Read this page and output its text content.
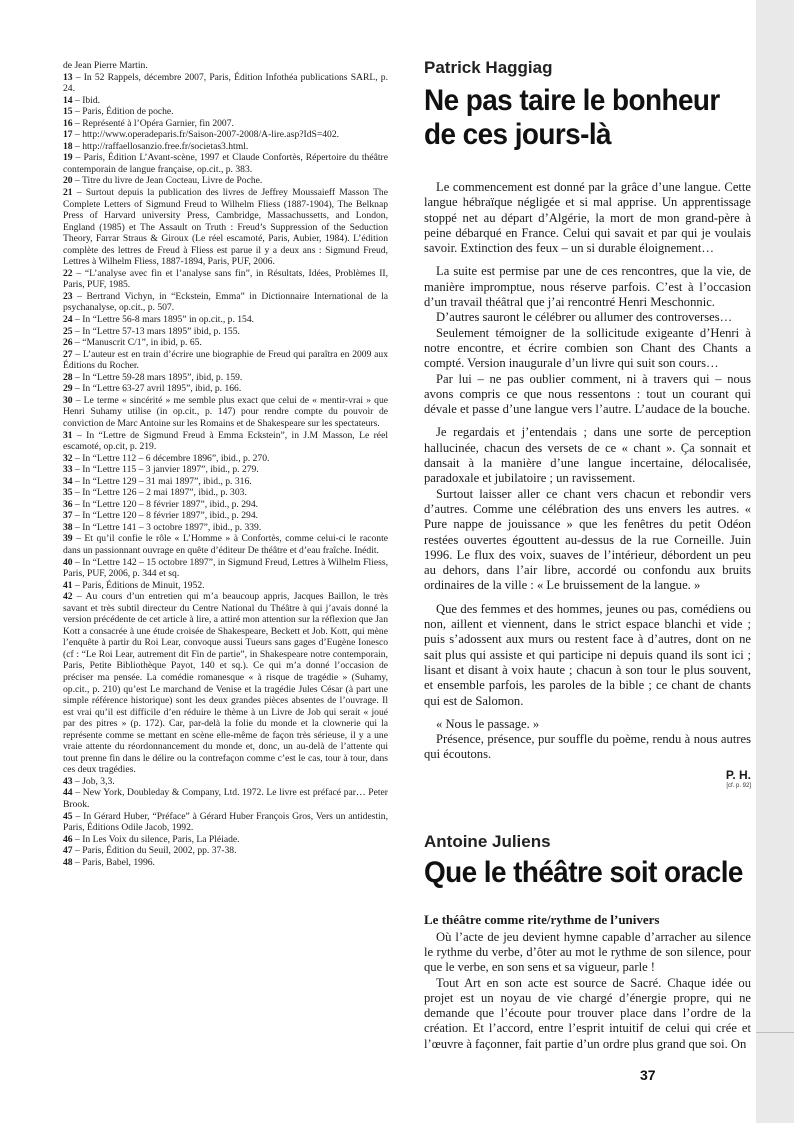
de Jean Pierre Martin.

13 – In 52 Rappels, décembre 2007, Paris, Édition Infothéa publications SARL, p. 24.

14 – Ibid.

15 – Paris, Édition de poche.

16 – Représenté à l’Opéra Garnier, fin 2007.

17 – http://www.operadeparis.fr/Saison-2007-2008/A-lire.asp?IdS=402.

18 – http://raffaellosanzio.free.fr/societas3.html.

19 – Paris, Édition L’Avant-scène, 1997 et Claude Confortès, Répertoire du théâtre contemporain de langue française, op.cit., p. 383.

20 – Titre du livre de Jean Cocteau, Livre de Poche.

21 – Surtout depuis la publication des livres de Jeffrey Moussaieff Masson The Complete Letters of Sigmund Freud to Wilhelm Fliess (1887-1904), The Belknap Press of Harvard university Press, Cambridge, Massachussetts, and London, England (1985) et The Assault on Truth : Freud’s Suppression of the Seduction Theory, Farrar Straus & Giroux (Le réel escamoté, Paris, Aubier, 1984). L’édition complète des lettres de Freud à Fliess est parue il y a deux ans : Sigmund Freud, Lettres à Wilhelm Fliess, 1887-1894, Paris, PUF, 2006.

22 – “L’analyse avec fin et l’analyse sans fin”, in Résultats, Idées, Problèmes II, Paris, PUF, 1985.

23 – Bertrand Vichyn, in “Eckstein, Emma” in Dictionnaire International de la psychanalyse, op.cit., p. 507.

24 – In “Lettre 56-8 mars 1895” in op.cit., p. 154.

25 – In “Lettre 57-13 mars 1895” ibid, p. 155.

26 – “Manuscrit C/1”, in ibid, p. 65.

27 – L’auteur est en train d’écrire une biographie de Freud qui paraîtra en 2009 aux Éditions du Rocher.

28 – In “Lettre 59-28 mars 1895”, ibid, p. 159.

29 – In “Lettre 63-27 avril 1895”, ibid, p. 166.

30 – Le terme « sincérité » me semble plus exact que celui de « mentir-vrai » que Henri Suhamy utilise (in op.cit., p. 147) pour rendre compte du pouvoir de conviction de Marc Antoine sur les Romains et de Shakespeare sur les spectateurs.

31 – In “Lettre de Sigmund Freud à Emma Eckstein”, in J.M Masson, Le réel escamoté, op.cit, p. 219.

32 – In “Lettre 112 – 6 décembre 1896”, ibid., p. 270.

33 – In “Lettre 115 – 3 janvier 1897”, ibid., p. 279.

34 – In “Lettre 129 – 31 mai 1897”, ibid., p. 316.

35 – In “Lettre 126 – 2 mai 1897”, ibid., p. 303.

36 – In “Lettre 120 – 8 février 1897”, ibid., p. 294.

37 – In “Lettre 120 – 8 février 1897”, ibid., p. 294.

38 – In “Lettre 141 – 3 octobre 1897”, ibid., p. 339.

39 – Et qu’il confie le rôle « L’Homme » à Confortès, comme celui-ci le raconte dans un passionnant ouvrage en quête d’éditeur De théâtre et d’eau fraîche. Inédit.

40 – In “Lettre 142 – 15 octobre 1897”, in Sigmund Freud, Lettres à Wilhelm Fliess, Paris, PUF, 2006, p. 344 et sq.

41 – Paris, Éditions de Minuit, 1952.

42 – Au cours d’un entretien qui m’a beaucoup appris, Jacques Baillon, le très savant et très subtil directeur du Centre National du Théâtre à qui j’avais donné la version précédente de cet article à lire, a attiré mon attention sur la réflexion que Jan Kott a consacrée à une étude croisée de Shakespeare, Beckett et Job. Kott, qui mène l’enquête à partir du Roi Lear, convoque aussi Tueurs sans gages d’Eugène Ionesco (cf : “Le Roi Lear, autrement dit Fin de partie”, in Shakespeare notre contemporain, Paris, Petite Bibliothèque Payot, 140 et sq.). Ce qui m’a donné l’occasion de préciser ma pensée. La comédie romanesque « à risque de tragédie » (Suhamy, op.cit., p. 210) qu’est Le marchand de Venise et la tragédie Jules César (à part une simple référence historique) sont les deux grandes pièces absentes de l’ouvrage. Il est vrai qu’il est difficile d’en réduire le thème à un Livre de Job qui serait « joué par des pitres » (p. 172). Car, par-delà la folie du monde et la clownerie qui la représente comme se mettant en scène elle-même de façon très sérieuse, il y a une vraie attente du réordonnancement du monde et, donc, un au-delà de l’attente qui tout prenne fin dans le délire ou la contrefaçon comme c’est le cas, tour à tour, dans ces deux tragédies.

43 – Job, 3,3.

44 – New York, Doubleday & Company, Ltd. 1972. Le livre est préfacé par… Peter Brook.

45 – In Gérard Huber, “Préface” à Gérard Huber François Gros, Vers un antidestin, Paris, Éditions Odile Jacob, 1992.

46 – In Les Voix du silence, Paris, La Pléiade.

47 – Paris, Édition du Seuil, 2002, pp. 37-38.

48 – Paris, Babel, 1996.

Patrick Haggiag
Ne pas taire le bonheur de ces jours-là

Le commencement est donné par la grâce d’une langue. Cette langue hébraïque négligée et si mal apprise. Un apprentissage stoppé net au départ d’Algérie, la mort de mon grand-père à peine débarqué en France. Celui qui savait et par qui je voulais savoir. Extinction des feux – un si durable éloignement…

La suite est permise par une de ces rencontres, que la vie, de manière impromptue, nous réserve parfois. C’est à l’occasion d’un travail théâtral que j’ai rencontré Henri Meschonnic.

D’autres sauront le célébrer ou allumer des controverses…

Seulement témoigner de la sollicitude exigeante d’Henri à notre encontre, et écrire combien son Chant des Chants a compté. Version inaugurale d’un livre qui suit son cours…

Par lui – ne pas oublier comment, ni à travers qui – nous avons compris ce que nous ressentons : tout un courant qui dévale et passe d’une langue vers l’autre. L’audace de la bouche.

Je regardais et j’entendais ; dans une sorte de perception hallucinée, chacun des versets de ce « chant ». Ça sonnait et dansait à la manière d’une langue incertaine, délocalisée, paradoxale et jubilatoire ; un ravissement.

Surtout laisser aller ce chant vers chacun et rebondir vers d’autres. Comme une célébration des uns envers les autres. « Pure nappe de jouissance » que les fenêtres du petit Odéon restées ouvertes égouttent au-dessus de la rue Corneille. Juin 1996. Le flux des voix, suaves de l’intérieur, débordent un peu au dehors, dans l’air libre, accordé ou confondu aux bruits ordinaires de la ville : « Le bruissement de la langue. »

Que des femmes et des hommes, jeunes ou pas, comédiens ou non, aillent et viennent, dans le strict espace blanchi et vide ; puis s’adossent aux murs ou restent face à d’autres, dont on ne sait plus qui assiste et qui participe ni depuis quand ils sont ici ; lisant et disant à voix haute ; chacun à son tour le plus souvent, et ensemble parfois, les paroles de la bible ; ce chant de chants qui est de Salomon.

« Nous le passage. »

Présence, présence, pur souffle du poème, rendu à nous autres qui écoutons.

P. H.
[cf. p. 92]
Antoine Juliens
Que le théâtre soit oracle
Le théâtre comme rite/rythme de l’univers

Où l’acte de jeu devient hymne capable d’arracher au silence le rythme du verbe, d’ôter au mot le rythme de son silence, pour que le verbe, en son sens et sa vigueur, parle !

Tout Art en son acte est source de Sacré. Chaque idée ou projet est un noyau de vie chargé d’énergie propre, qui ne demande que l’écoute pour trouver place dans l’ordre de la création. Et l’accord, entre l’esprit intuitif de celui qui crée et l’œuvre à façonner, fait partie d’un ordre plus grand que soi. On

37
